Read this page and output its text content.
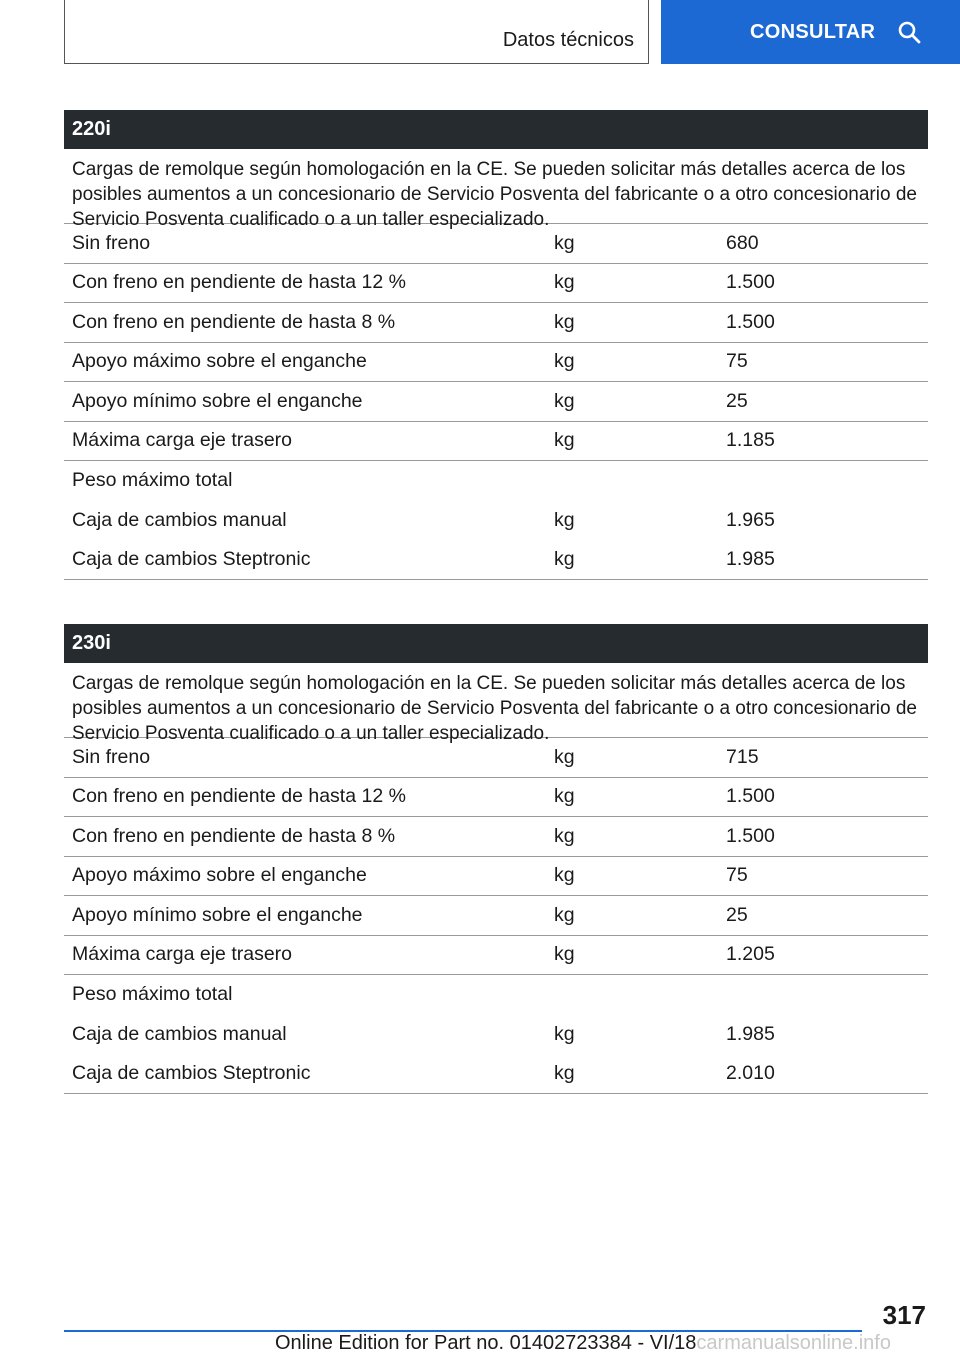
Datos técnicos	CONSULTAR
220i
Cargas de remolque según homologación en la CE. Se pueden solicitar más detalles acerca de los posibles aumentos a un concesionario de Servicio Posventa del fabricante o a otro concesionario de Servicio Posventa cualificado o a un taller especializado.
Sin freno	kg	680
Con freno en pendiente de hasta 12 %	kg	1.500
Con freno en pendiente de hasta 8 %	kg	1.500
Apoyo máximo sobre el enganche	kg	75
Apoyo mínimo sobre el enganche	kg	25
Máxima carga eje trasero	kg	1.185
Peso máximo total
Caja de cambios manual	kg	1.965
Caja de cambios Steptronic	kg	1.985
230i
Cargas de remolque según homologación en la CE. Se pueden solicitar más detalles acerca de los posibles aumentos a un concesionario de Servicio Posventa del fabricante o a otro concesionario de Servicio Posventa cualificado o a un taller especializado.
Sin freno	kg	715
Con freno en pendiente de hasta 12 %	kg	1.500
Con freno en pendiente de hasta 8 %	kg	1.500
Apoyo máximo sobre el enganche	kg	75
Apoyo mínimo sobre el enganche	kg	25
Máxima carga eje trasero	kg	1.205
Peso máximo total
Caja de cambios manual	kg	1.985
Caja de cambios Steptronic	kg	2.010
317
Online Edition for Part no. 01402723384 - VI/18carmanualsonline.info
